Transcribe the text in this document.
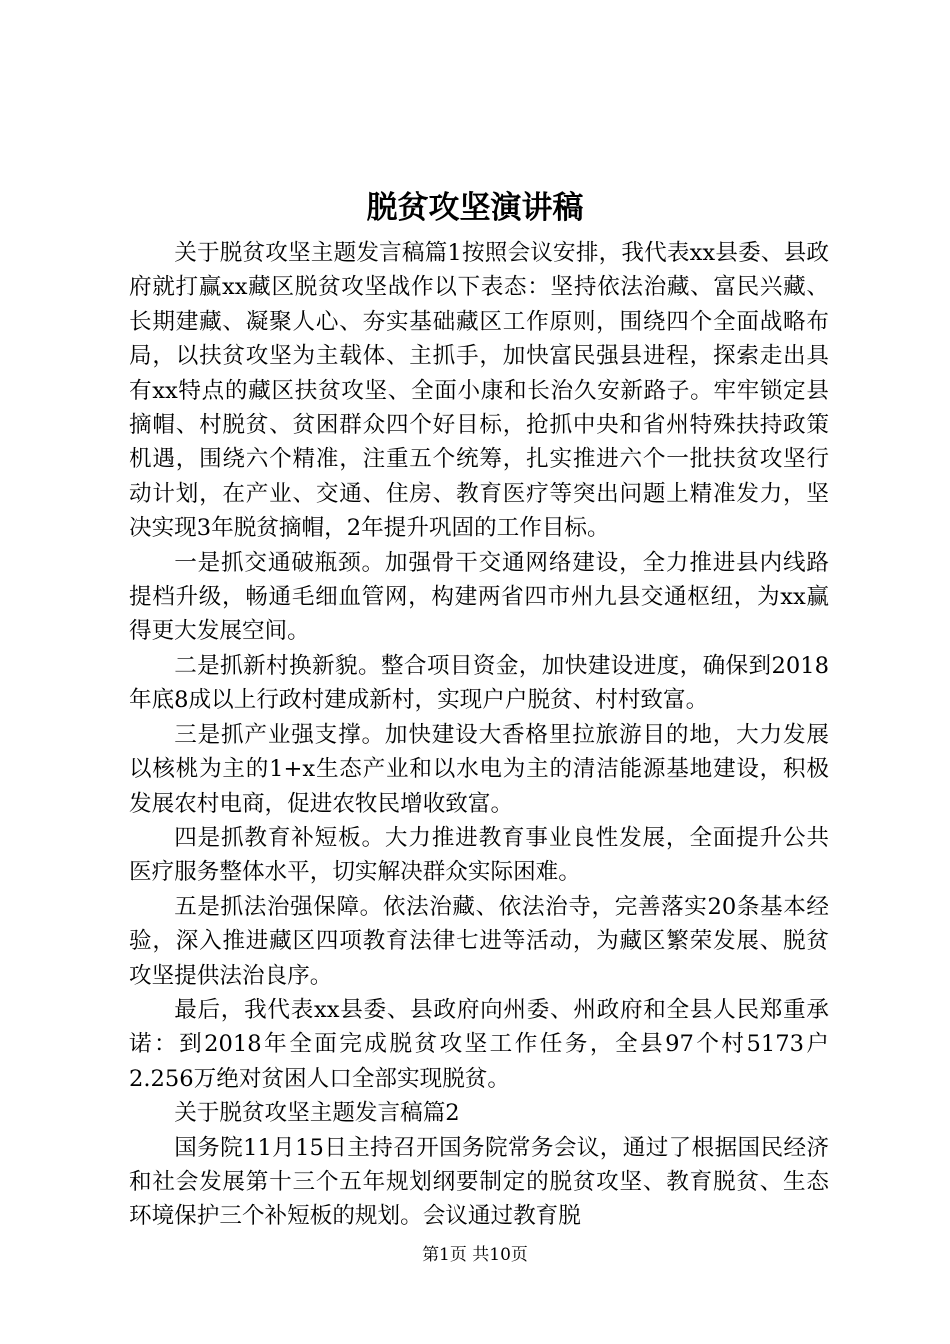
脱贫攻坚演讲稿

关于脱贫攻坚主题发言稿篇1按照会议安排，我代表xx县委、县政府就打赢xx藏区脱贫攻坚战作以下表态：坚持依法治藏、富民兴藏、长期建藏、凝聚人心、夯实基础藏区工作原则，围绕四个全面战略布局，以扶贫攻坚为主载体、主抓手，加快富民强县进程，探索走出具有xx特点的藏区扶贫攻坚、全面小康和长治久安新路子。牢牢锁定县摘帽、村脱贫、贫困群众四个好目标，抢抓中央和省州特殊扶持政策机遇，围绕六个精准，注重五个统筹，扎实推进六个一批扶贫攻坚行动计划，在产业、交通、住房、教育医疗等突出问题上精准发力，坚决实现3年脱贫摘帽，2年提升巩固的工作目标。

一是抓交通破瓶颈。加强骨干交通网络建设，全力推进县内线路提档升级，畅通毛细血管网，构建两省四市州九县交通枢纽，为xx赢得更大发展空间。

二是抓新村换新貌。整合项目资金，加快建设进度，确保到2018年底8成以上行政村建成新村，实现户户脱贫、村村致富。

三是抓产业强支撑。加快建设大香格里拉旅游目的地，大力发展以核桃为主的1+x生态产业和以水电为主的清洁能源基地建设，积极发展农村电商，促进农牧民增收致富。

四是抓教育补短板。大力推进教育事业良性发展，全面提升公共医疗服务整体水平，切实解决群众实际困难。

五是抓法治强保障。依法治藏、依法治寺，完善落实20条基本经验，深入推进藏区四项教育法律七进等活动，为藏区繁荣发展、脱贫攻坚提供法治良序。

最后，我代表xx县委、县政府向州委、州政府和全县人民郑重承诺：到2018年全面完成脱贫攻坚工作任务，全县97个村5173户2.256万绝对贫困人口全部实现脱贫。

关于脱贫攻坚主题发言稿篇2

国务院11月15日主持召开国务院常务会议，通过了根据国民经济和社会发展第十三个五年规划纲要制定的脱贫攻坚、教育脱贫、生态环境保护三个补短板的规划。会议通过教育脱

第1页 共10页
